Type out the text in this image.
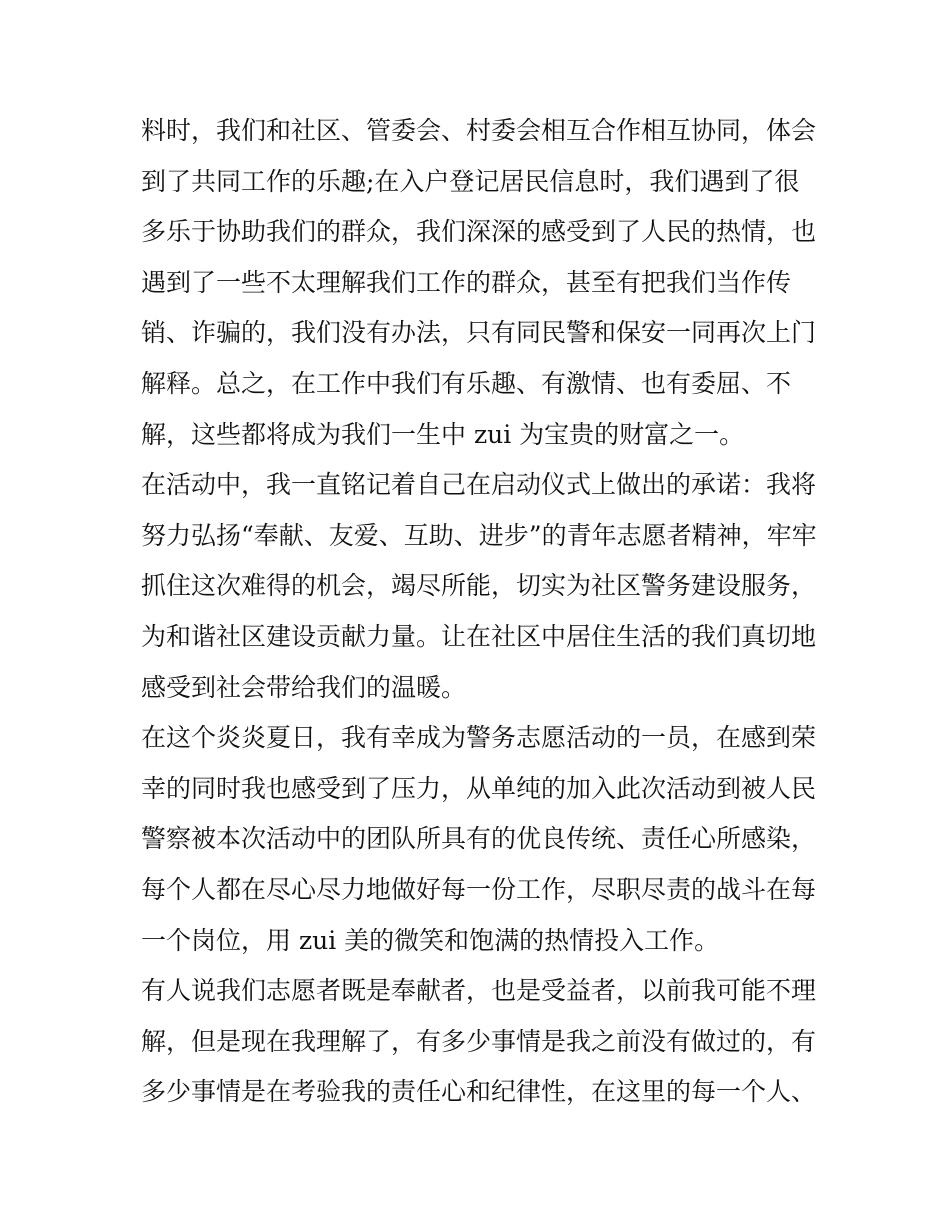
料时，我们和社区、管委会、村委会相互合作相互协同，体会
到了共同工作的乐趣;在入户登记居民信息时，我们遇到了很
多乐于协助我们的群众，我们深深的感受到了人民的热情，也
遇到了一些不太理解我们工作的群众，甚至有把我们当作传
销、诈骗的，我们没有办法，只有同民警和保安一同再次上门
解释。总之，在工作中我们有乐趣、有激情、也有委屈、不
解，这些都将成为我们一生中 zui 为宝贵的财富之一。
在活动中，我一直铭记着自己在启动仪式上做出的承诺：我将
努力弘扬“奉献、友爱、互助、进步”的青年志愿者精神，牢牢
抓住这次难得的机会，竭尽所能，切实为社区警务建设服务，
为和谐社区建设贡献力量。让在社区中居住生活的我们真切地
感受到社会带给我们的温暖。
在这个炎炎夏日，我有幸成为警务志愿活动的一员，在感到荣
幸的同时我也感受到了压力，从单纯的加入此次活动到被人民
警察被本次活动中的团队所具有的优良传统、责任心所感染，
每个人都在尽心尽力地做好每一份工作，尽职尽责的战斗在每
一个岗位，用 zui 美的微笑和饱满的热情投入工作。
有人说我们志愿者既是奉献者，也是受益者，以前我可能不理
解，但是现在我理解了，有多少事情是我之前没有做过的，有
多少事情是在考验我的责任心和纪律性，在这里的每一个人、
